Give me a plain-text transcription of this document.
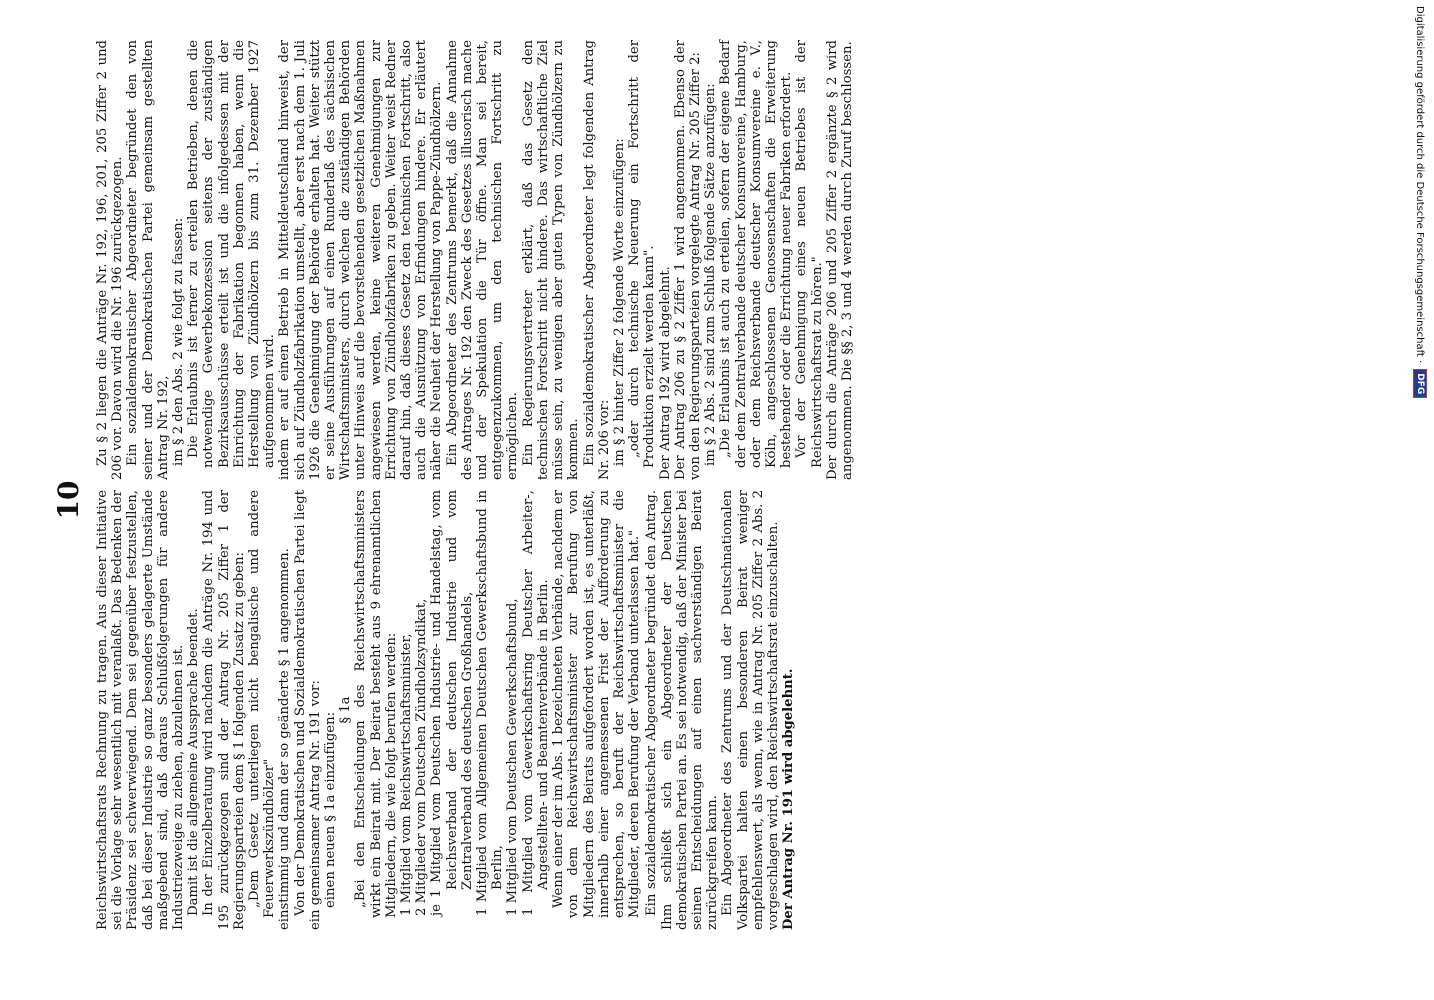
10 Reichswirtschaftsrats Rechnung zu tragen. Aus dieser Initiative sei die Vorlage sehr wesentlich mit veranlaßt. Das Bedenken der Präsidenz sei schwerwiegend. Dem sei gegenüber festzustellen, daß bei dieser Industrie so ganz besonders gelagerte Umstände maßgebend sind, daß daraus Schlußfolgerungen für andere Industriezweige zu ziehen, abzulehnen ist. Damit ist die allgemeine Aussprache beendet. In der Einzelberatung wird nachdem die Anträge Nr. 194 und 195 zurückgezogen sind der Antrag Nr. 205 Ziffer 1 der Regierungsparteien dem § 1 folgenden Zusatz zu geben: „Dem Gesetz unterliegen nicht bengalische und andere Feuerwerkszündhölzer" einstimmig und dann der so geänderte § 1 angenommen. Von der Demokratischen und Sozialdemokratischen Partei liegt ein gemeinsamer Antrag Nr. 191 vor: einen neuen § 1a einzufügen:

§ 1a „Bei den Entscheidungen des Reichswirtschaftsministers wirkt ein Beirat mit. Der Beirat besteht aus 9 ehrenamtlichen Mitgliedern, die wie folgt berufen werden: 1 Mitglied vom Reichswirtschaftsminister, 2 Mitglieder vom Deutschen Zündholzsyndikat, je 1 Mitglied vom Deutschen Industrie- und Handelstag, vom Reichsverband der deutschen Industrie und vom Zentralverband des deutschen Großhandels, 1 Mitglied vom Allgemeinen Deutschen Gewerkschaftsbund in Berlin, 1 Mitglied vom Deutschen Gewerkschaftsbund, 1 Mitglied vom Gewerkschaftsring Deutscher Arbeiter-, Angestellten- und Beamtenverbände in Berlin. Wenn einer der im Abs. 1 bezeichneten Verbände, nachdem er von dem Reichswirtschaftsminister zur Berufung von Mitgliedern des Beirats aufgefordert worden ist, es unterläßt, innerhalb einer angemessenen Frist der Aufforderung zu entsprechen, so beruft der Reichswirtschaftsminister die Mitglieder, deren Berufung der Verband unterlassen hat." Ein sozialdemokratischer Abgeordneter begründet den Antrag. Ihm schließt sich ein Abgeordneter der Deutschen demokratischen Partei an. Es sei notwendig, daß der Minister bei seinen Entscheidungen auf einen sachverständigen Beirat zurückgreifen kann. Ein Abgeordneter des Zentrums und der Deutschnationalen Volkspartei halten einen besonderen Beirat weniger empfehlenswert, als wenn, wie in Antrag Nr. 205 Ziffer 2 Abs. 2 vorgeschlagen wird, den Reichswirtschaftsrat einzuschalten. Der Antrag Nr. 191 wird abgelehnt.

Zu § 2 liegen die Anträge Nr. 192, 196, 201, 205 Ziffer 2 und 206 vor. Davon wird die Nr. 196 zurückgezogen. Ein sozialdemokratischer Abgeordneter begründet den von seiner und der Demokratischen Partei gemeinsam gestellten Antrag Nr. 192, im § 2 den Abs. 2 wie folgt zu fassen: Die Erlaubnis ist ferner zu erteilen Betrieben, denen die notwendige Gewerbekonzession seitens der zuständigen Bezirksausschüsse erteilt ist und die infolgedessen mit der Einrichtung der Fabrikation begonnen haben, wenn die Herstellung von Zündhölzern bis zum 31. Dezember 1927 aufgenommen wird. indem er auf einen Betrieb in Mitteldeutschland hinweist, der sich auf Zündholzfabrikation umstellt, aber erst nach dem 1. Juli 1926 die Genehmigung der Behörde erhalten hat. Weiter stützt er seine Ausführungen auf einen Runderlaß des sächsischen Wirtschaftsministers, durch welchen die zuständigen Behörden unter Hinweis auf die bevorstehenden gesetzlichen Maßnahmen angewiesen werden, keine weiteren Genehmigungen zur Errichtung von Zündholzfabriken zu geben. Weiter weist Redner darauf hin, daß dieses Gesetz den technischen Fortschritt, also auch die Ausnützung von Erfindungen hindere. Er erläutert näher die Neuheit der Herstellung von Pappe-Zündhölzern. Ein Abgeordneter des Zentrums bemerkt, daß die Annahme des Antrages Nr. 192 den Zweck des Gesetzes illusorisch mache und der Spekulation die Tür öffne. Man sei bereit, entgegenzukommen, um den technischen Fortschritt zu ermöglichen. Ein Regierungsvertreter erklärt, daß das Gesetz den technischen Fortschritt nicht hindere. Das wirtschaftliche Ziel müsse sein, zu wenigen aber guten Typen von Zündhölzern zu kommen. Ein sozialdemokratischer Abgeordneter legt folgenden Antrag Nr. 206 vor: im § 2 hinter Ziffer 2 folgende Worte einzufügen: „oder durch technische Neuerung ein Fortschritt der Produktion erzielt werden kann". Der Antrag 192 wird abgelehnt. Der Antrag 206 zu § 2 Ziffer 1 wird angenommen. Ebenso der von den Regierungsparteien vorgelegte Antrag Nr. 205 Ziffer 2: im § 2 Abs. 2 sind zum Schluß folgende Sätze anzufügen: „Die Erlaubnis ist auch zu erteilen, sofern der eigene Bedarf der dem Zentralverbande deutscher Konsumvereine, Hamburg, oder dem Reichsverbande deutscher Konsumvereine e. V., Köln, angeschlossenen Genossenschaften die Erweiterung bestehender oder die Errichtung neuer Fabriken erfordert. Vor der Genehmigung eines neuen Betriebes ist der Reichswirtschaftsrat zu hören." Der durch die Anträge 206 und 205 Ziffer 2 ergänzte § 2 wird angenommen. Die §§ 2, 3 und 4 werden durch Zuruf beschlossen.	Digitalisierung gefördert durch die Deutsche Forschungsgemeinschaft ·
DFG
